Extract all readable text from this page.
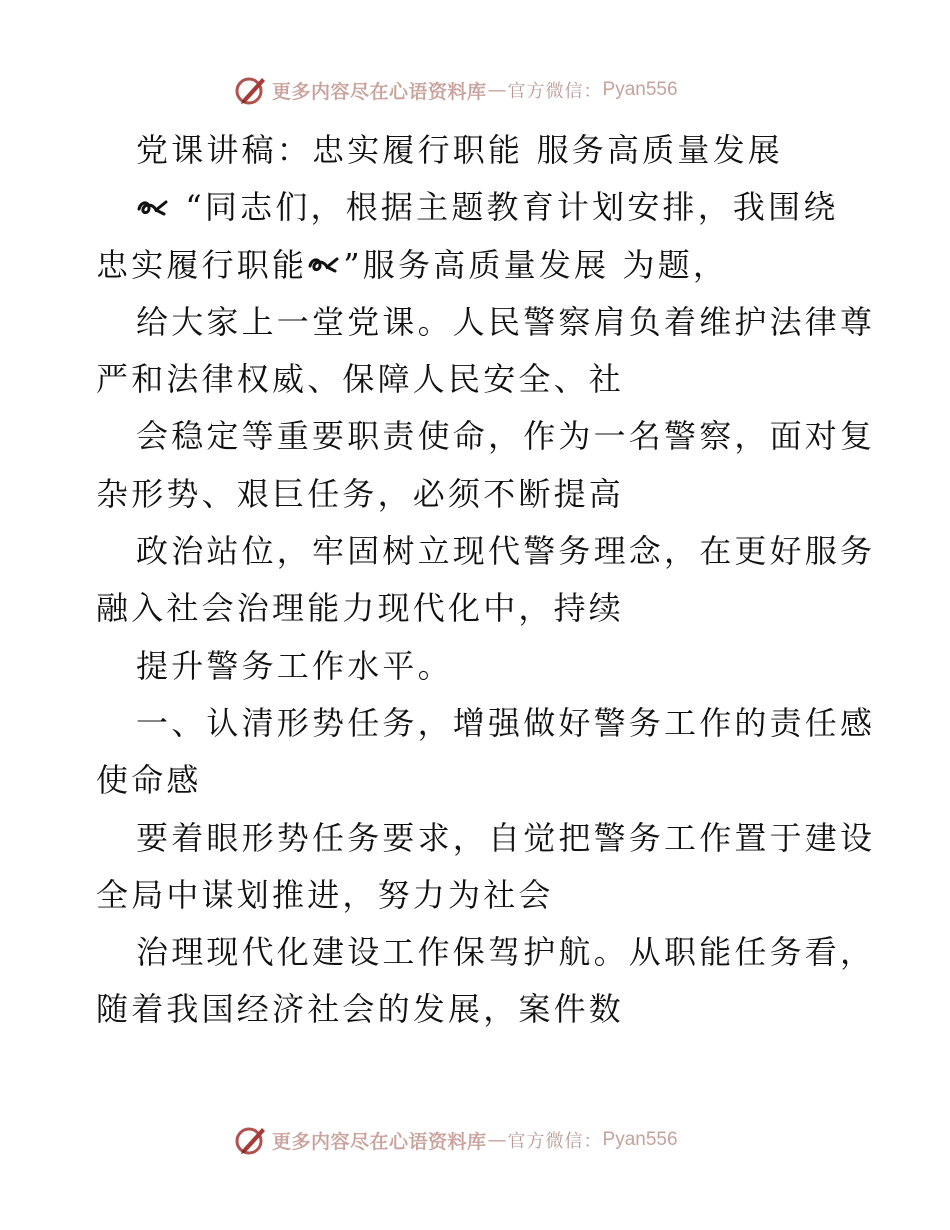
更多内容尽在心语资料库 — 官方微信： Pyan556
党课讲稿：忠实履行职能 服务高质量发展
“同志们，根据主题教育计划安排，我围绕
忠实履行职能 ”服务高质量发展 为题，
给大家上一堂党课。人民警察肩负着维护法律尊
严和法律权威、保障人民安全、社
会稳定等重要职责使命，作为一名警察，面对复
杂形势、艰巨任务，必须不断提高
政治站位，牢固树立现代警务理念，在更好服务
融入社会治理能力现代化中，持续
提升警务工作水平。
一、认清形势任务，增强做好警务工作的责任感
使命感
要着眼形势任务要求，自觉把警务工作置于建设
全局中谋划推进，努力为社会
治理现代化建设工作保驾护航。从职能任务看，
随着我国经济社会的发展，案件数
更多内容尽在心语资料库 — 官方微信： Pyan556
